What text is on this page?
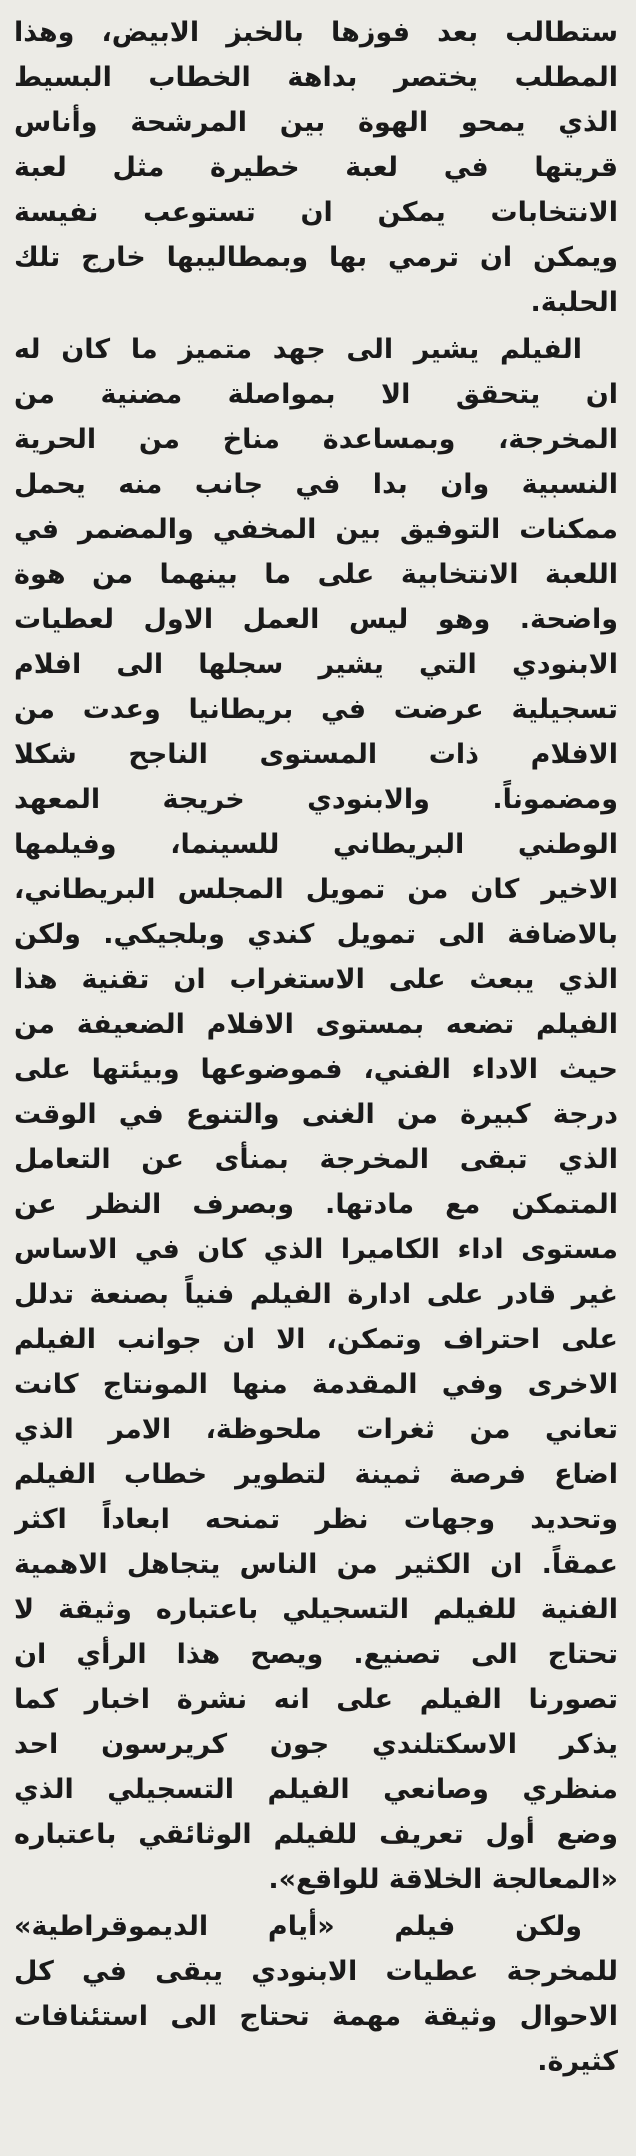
ستطالب بعد فوزها بالخبز الابيض، وهذا
المطلب يختصر بداهة الخطاب البسيط
الذي يمحو الهوة بين المرشحة وأناس
قريتها في لعبة خطيرة مثل لعبة
الانتخابات يمكن ان تستوعب نفيسة
ويمكن ان ترمي بها وبمطاليبها خارج تلك
الحلبة.
الفيلم يشير الى جهد متميز ما كان له
ان يتحقق الا بمواصلة مضنية من
المخرجة، وبمساعدة مناخ من الحرية
النسبية وان بدا في جانب منه يحمل
ممكنات التوفيق بين المخفي والمضمر في
اللعبة الانتخابية على ما بينهما من هوة
واضحة. وهو ليس العمل الاول لعطيات
الابنودي التي يشير سجلها الى افلام
تسجيلية عرضت في بريطانيا وعدت من
الافلام ذات المستوى الناجح شكلا
ومضموناً. والابنودي خريجة المعهد
الوطني البريطاني للسينما، وفيلمها
الاخير كان من تمويل المجلس البريطاني،
بالاضافة الى تمويل كندي وبلجيكي. ولكن
الذي يبعث على الاستغراب ان تقنية هذا
الفيلم تضعه بمستوى الافلام الضعيفة من
حيث الاداء الفني، فموضوعها وبيئتها على
درجة كبيرة من الغنى والتنوع في الوقت
الذي تبقى المخرجة بمنأى عن التعامل
المتمكن مع مادتها. وبصرف النظر عن
مستوى اداء الكاميرا الذي كان في الاساس
غير قادر على ادارة الفيلم فنياً بصنعة تدلل
على احتراف وتمكن، الا ان جوانب الفيلم
الاخرى وفي المقدمة منها المونتاج كانت
تعاني من ثغرات ملحوظة، الامر الذي
اضاع فرصة ثمينة لتطوير خطاب الفيلم
وتحديد وجهات نظر تمنحه ابعاداً اكثر
عمقاً. ان الكثير من الناس يتجاهل الاهمية
الفنية للفيلم التسجيلي باعتباره وثيقة لا
تحتاج الى تصنيع. ويصح هذا الرأي ان
تصورنا الفيلم على انه نشرة اخبار كما
يذكر الاسكتلندي جون كريرسون احد
منظري وصانعي الفيلم التسجيلي الذي
وضع أول تعريف للفيلم الوثائقي باعتباره
«المعالجة الخلاقة للواقع».
ولكن فيلم «أيام الديموقراطية»
للمخرجة عطيات الابنودي يبقى في كل
الاحوال وثيقة مهمة تحتاج الى استئنافات
كثيرة.
